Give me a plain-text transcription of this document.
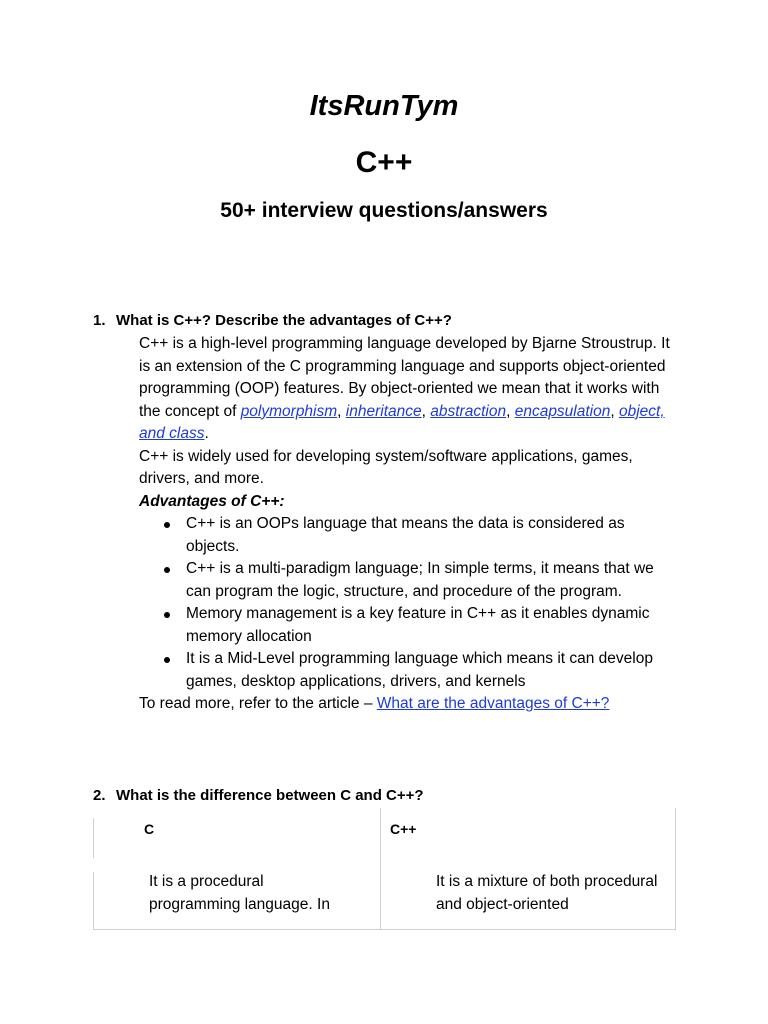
ItsRunTym
C++
50+ interview questions/answers
1. What is C++? Describe the advantages of C++?

C++ is a high-level programming language developed by Bjarne Stroustrup. It is an extension of the C programming language and supports object-oriented programming (OOP) features. By object-oriented we mean that it works with the concept of polymorphism, inheritance, abstraction, encapsulation, object, and class.

C++ is widely used for developing system/software applications, games, drivers, and more.

Advantages of C++:

C++ is an OOPs language that means the data is considered as objects.
C++ is a multi-paradigm language; In simple terms, it means that we can program the logic, structure, and procedure of the program.
Memory management is a key feature in C++ as it enables dynamic memory allocation
It is a Mid-Level programming language which means it can develop games, desktop applications, drivers, and kernels

To read more, refer to the article – What are the advantages of C++?

2. What is the difference between C and C++?
C	C++
It is a procedural programming language. In
It is a mixture of both procedural and object-oriented
